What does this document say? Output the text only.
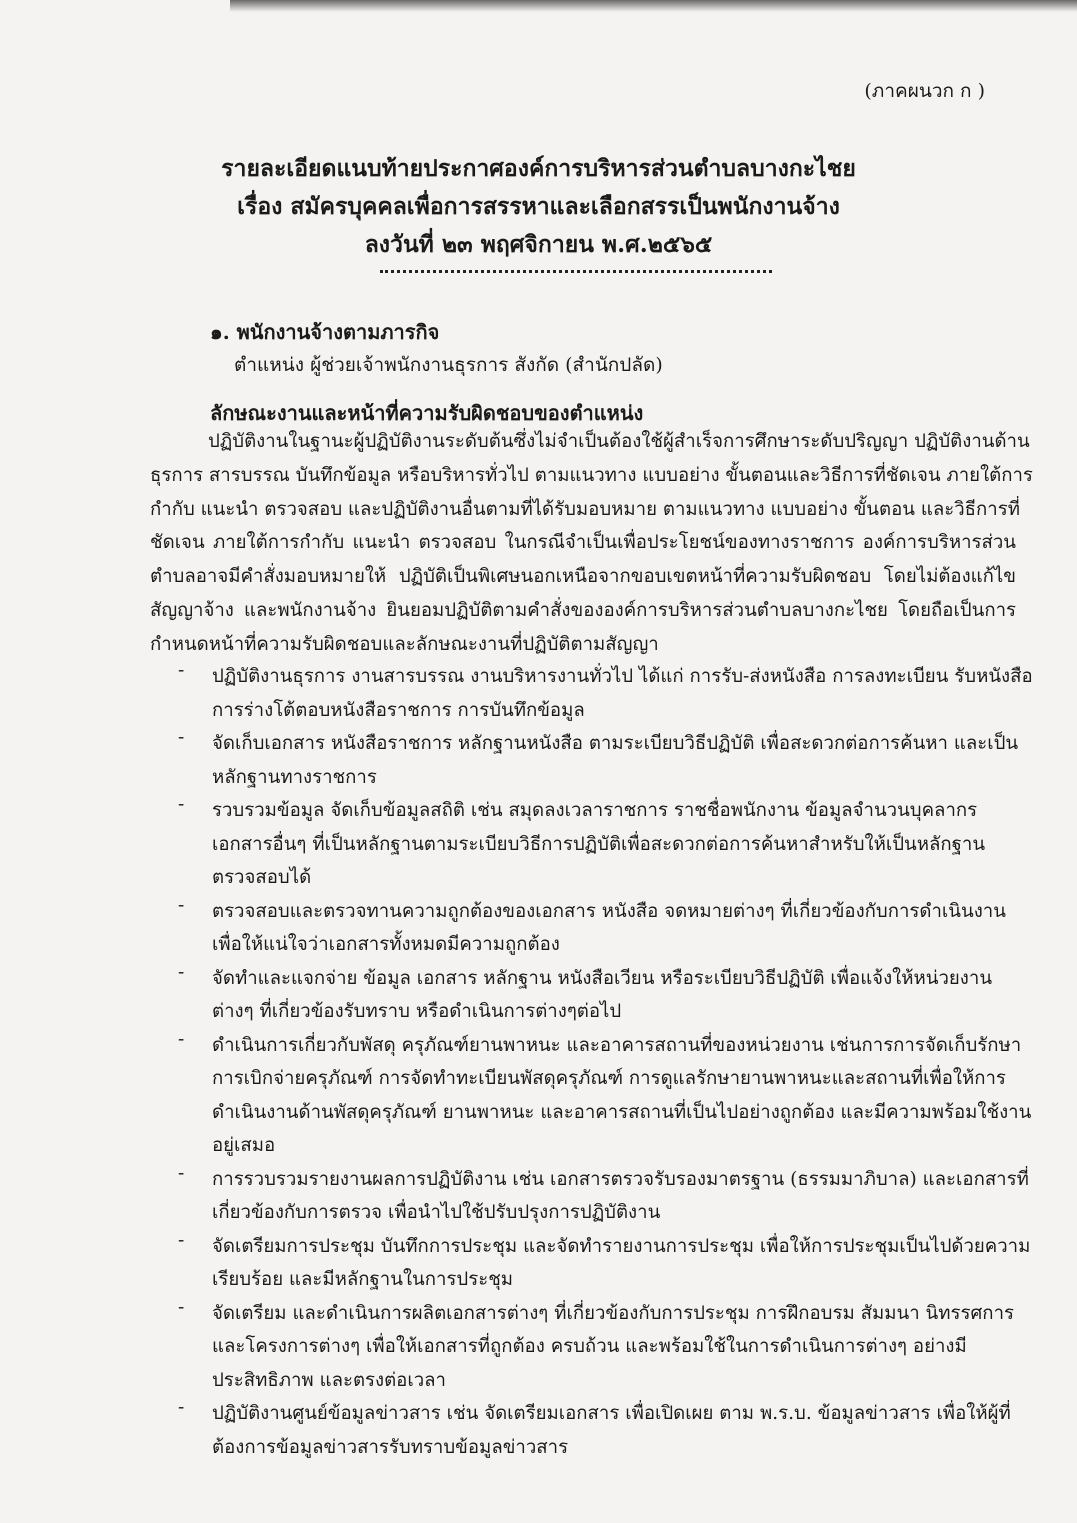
(ภาคผนวก ก )
รายละเอียดแนบท้ายประกาศองค์การบริหารส่วนตำบลบางกะไชย
เรื่อง สมัครบุคคลเพื่อการสรรหาและเลือกสรรเป็นพนักงานจ้าง
ลงวันที่ ๒๓ พฤศจิกายน พ.ศ.๒๕๖๕
๑. พนักงานจ้างตามภารกิจ
ตำแหน่ง ผู้ช่วยเจ้าพนักงานธุรการ สังกัด (สำนักปลัด)
ลักษณะงานและหน้าที่ความรับผิดชอบของตำแหน่ง
ปฏิบัติงานในฐานะผู้ปฏิบัติงานระดับต้นซึ่งไม่จำเป็นต้องใช้ผู้สำเร็จการศึกษาระดับปริญญา ปฏิบัติงานด้าน
ธุรการ สารบรรณ บันทึกข้อมูล หรือบริหารทั่วไป ตามแนวทาง แบบอย่าง ขั้นตอนและวิธีการที่ชัดเจน ภายใต้การ
กำกับ แนะนำ ตรวจสอบ และปฏิบัติงานอื่นตามที่ได้รับมอบหมาย ตามแนวทาง แบบอย่าง ขั้นตอน และวิธีการที่
ชัดเจน ภายใต้การกำกับ แนะนำ ตรวจสอบ ในกรณีจำเป็นเพื่อประโยชน์ของทางราชการ องค์การบริหารส่วน
ตำบลอาจมีคำสั่งมอบหมายให้ ปฏิบัติเป็นพิเศษนอกเหนือจากขอบเขตหน้าที่ความรับผิดชอบ โดยไม่ต้องแก้ไข
สัญญาจ้าง และพนักงานจ้าง ยินยอมปฏิบัติตามคำสั่งขององค์การบริหารส่วนตำบลบางกะไชย โดยถือเป็นการ
กำหนดหน้าที่ความรับผิดชอบและลักษณะงานที่ปฏิบัติตามสัญญา
- ปฏิบัติงานธุรการ งานสารบรรณ งานบริหารงานทั่วไป ได้แก่ การรับ-ส่งหนังสือ การลงทะเบียน รับหนังสือ
การร่างโต้ตอบหนังสือราชการ การบันทึกข้อมูล
- จัดเก็บเอกสาร หนังสือราชการ หลักฐานหนังสือ ตามระเบียบวิธีปฏิบัติ เพื่อสะดวกต่อการค้นหา และเป็น
หลักฐานทางราชการ
- รวบรวมข้อมูล จัดเก็บข้อมูลสถิติ เช่น สมุดลงเวลาราชการ ราชชื่อพนักงาน ข้อมูลจำนวนบุคลากร
เอกสารอื่นๆ ที่เป็นหลักฐานตามระเบียบวิธีการปฏิบัติเพื่อสะดวกต่อการค้นหาสำหรับให้เป็นหลักฐาน
ตรวจสอบได้
- ตรวจสอบและตรวจทานความถูกต้องของเอกสาร หนังสือ จดหมายต่างๆ ที่เกี่ยวข้องกับการดำเนินงาน
เพื่อให้แน่ใจว่าเอกสารทั้งหมดมีความถูกต้อง
- จัดทำและแจกจ่าย ข้อมูล เอกสาร หลักฐาน หนังสือเวียน หรือระเบียบวิธีปฏิบัติ เพื่อแจ้งให้หน่วยงาน
ต่างๆ ที่เกี่ยวข้องรับทราบ หรือดำเนินการต่างๆต่อไป
- ดำเนินการเกี่ยวกับพัสดุ ครุภัณฑ์ยานพาหนะ และอาคารสถานที่ของหน่วยงาน เช่นการการจัดเก็บรักษา
การเบิกจ่ายครุภัณฑ์ การจัดทำทะเบียนพัสดุครุภัณฑ์ การดูแลรักษายานพาหนะและสถานที่เพื่อให้การ
ดำเนินงานด้านพัสดุครุภัณฑ์ ยานพาหนะ และอาคารสถานที่เป็นไปอย่างถูกต้อง และมีความพร้อมใช้งาน
อยู่เสมอ
- การรวบรวมรายงานผลการปฏิบัติงาน เช่น เอกสารตรวจรับรองมาตรฐาน (ธรรมมาภิบาล) และเอกสารที่
เกี่ยวข้องกับการตรวจ เพื่อนำไปใช้ปรับปรุงการปฏิบัติงาน
- จัดเตรียมการประชุม บันทึกการประชุม และจัดทำรายงานการประชุม เพื่อให้การประชุมเป็นไปด้วยความ
เรียบร้อย และมีหลักฐานในการประชุม
- จัดเตรียม และดำเนินการผลิตเอกสารต่างๆ ที่เกี่ยวข้องกับการประชุม การฝึกอบรม สัมมนา นิทรรศการ
และโครงการต่างๆ เพื่อให้เอกสารที่ถูกต้อง ครบถ้วน และพร้อมใช้ในการดำเนินการต่างๆ อย่างมี
ประสิทธิภาพ และตรงต่อเวลา
- ปฏิบัติงานศูนย์ข้อมูลข่าวสาร เช่น จัดเตรียมเอกสาร เพื่อเปิดเผย ตาม พ.ร.บ. ข้อมูลข่าวสาร เพื่อให้ผู้ที่
ต้องการข้อมูลข่าวสารรับทราบข้อมูลข่าวสาร
